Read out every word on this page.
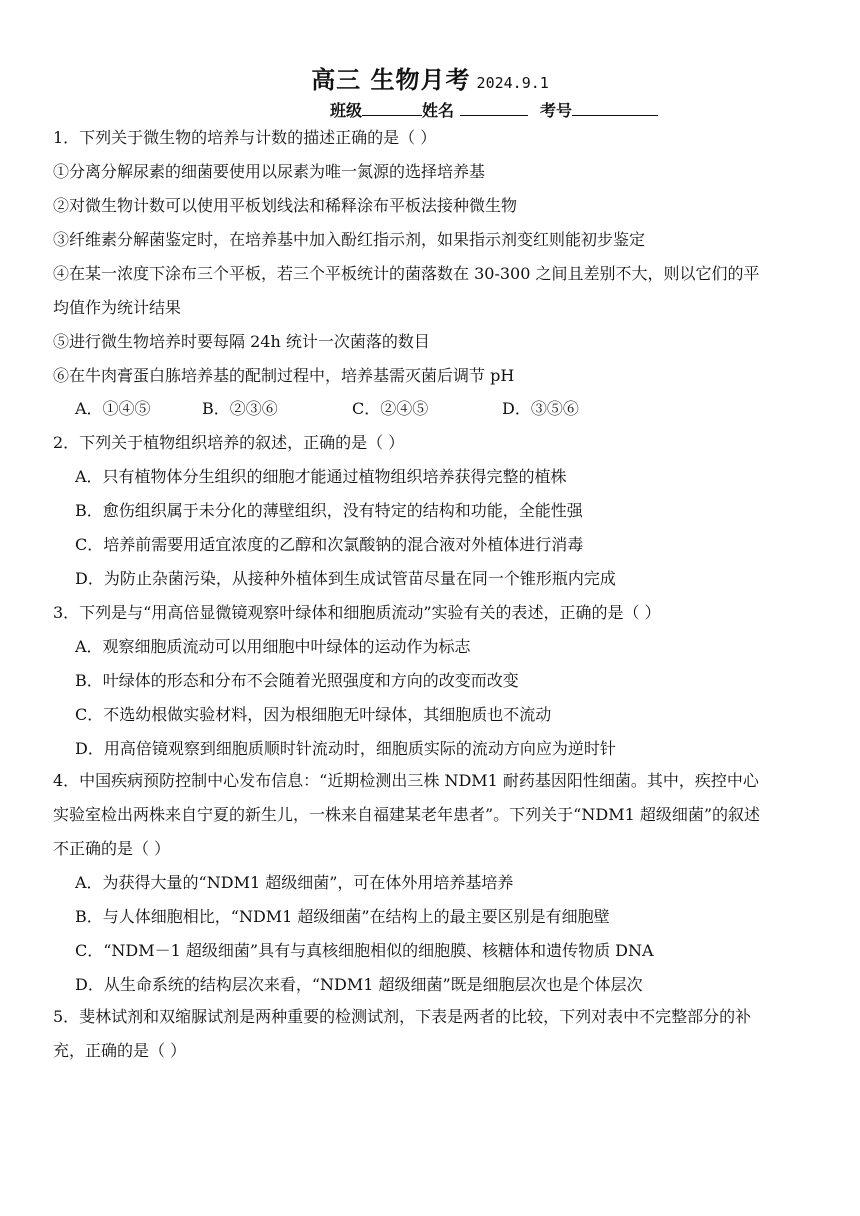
高三 生物月考 2024.9.1
班级	姓名	考号
1．下列关于微生物的培养与计数的描述正确的是（ ）
①分离分解尿素的细菌要使用以尿素为唯一氮源的选择培养基
②对微生物计数可以使用平板划线法和稀释涂布平板法接种微生物
③纤维素分解菌鉴定时，在培养基中加入酚红指示剂，如果指示剂变红则能初步鉴定
④在某一浓度下涂布三个平板，若三个平板统计的菌落数在 30-300 之间且差别不大，则以它们的平
均值作为统计结果
⑤进行微生物培养时要每隔 24h 统计一次菌落的数目
⑥在牛肉膏蛋白胨培养基的配制过程中，培养基需灭菌后调节 pH
A．①④⑤	B．②③⑥	C．②④⑤	D．③⑤⑥
2．下列关于植物组织培养的叙述，正确的是（ ）
A．只有植物体分生组织的细胞才能通过植物组织培养获得完整的植株
B．愈伤组织属于未分化的薄壁组织，没有特定的结构和功能，全能性强
C．培养前需要用适宜浓度的乙醇和次氯酸钠的混合液对外植体进行消毒
D．为防止杂菌污染，从接种外植体到生成试管苗尽量在同一个锥形瓶内完成
3．下列是与“用高倍显微镜观察叶绿体和细胞质流动”实验有关的表述，正确的是（ ）
A．观察细胞质流动可以用细胞中叶绿体的运动作为标志
B．叶绿体的形态和分布不会随着光照强度和方向的改变而改变
C．不选幼根做实验材料，因为根细胞无叶绿体，其细胞质也不流动
D．用高倍镜观察到细胞质顺时针流动时，细胞质实际的流动方向应为逆时针
4．中国疾病预防控制中心发布信息：“近期检测出三株 NDM1 耐药基因阳性细菌。其中，疾控中心
实验室检出两株来自宁夏的新生儿，一株来自福建某老年患者”。下列关于“NDM1 超级细菌”的叙述
不正确的是（ ）
A．为获得大量的“NDM1 超级细菌”，可在体外用培养基培养
B．与人体细胞相比，“NDM1 超级细菌”在结构上的最主要区别是有细胞壁
C．“NDM－1 超级细菌”具有与真核细胞相似的细胞膜、核糖体和遗传物质 DNA
D．从生命系统的结构层次来看，“NDM1 超级细菌”既是细胞层次也是个体层次
5．斐林试剂和双缩脲试剂是两种重要的检测试剂，下表是两者的比较，下列对表中不完整部分的补
充，正确的是（ ）
